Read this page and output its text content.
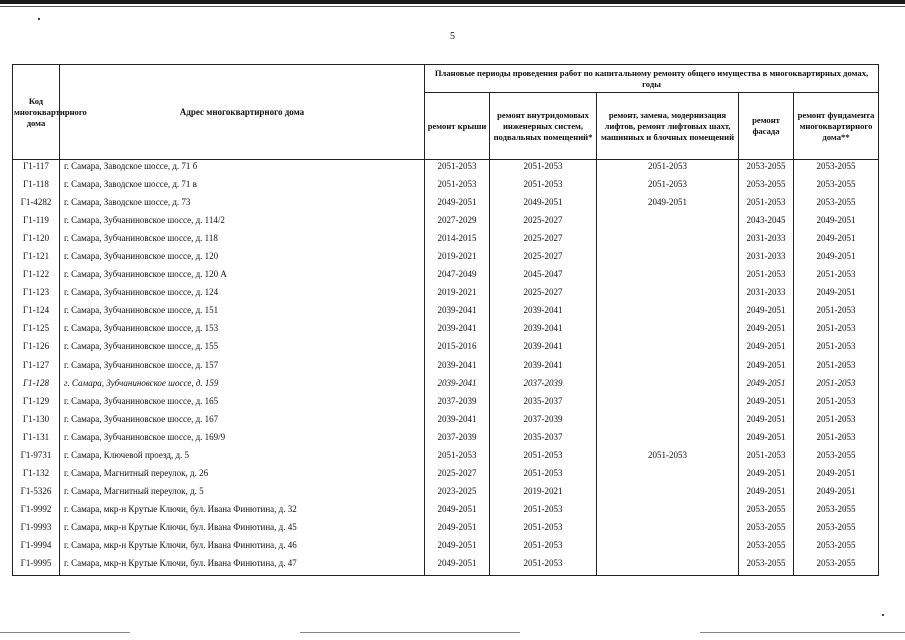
5
Код многоквартирного дома	Адрес многоквартирного дома	Плановые периоды проведения работ по капитальному ремонту общего имущества в многоквартирных домах, годы				
		ремонт крыши	ремонт внутридомовых инженерных систем, подвальных помещений*	ремонт, замена, модернизация лифтов, ремонт лифтовых шахт, машинных и блочных помещений	ремонт фасада	ремонт фундамента многоквартирного дома**
Г1-117	г. Самара, Заводское шоссе, д. 71 б	2051-2053	2051-2053	2051-2053	2053-2055	2053-2055
Г1-118	г. Самара, Заводское шоссе, д. 71 в	2051-2053	2051-2053	2051-2053	2053-2055	2053-2055
Г1-4282	г. Самара, Заводское шоссе, д. 73	2049-2051	2049-2051	2049-2051	2051-2053	2053-2055
Г1-119	г. Самара, Зубчаниновское шоссе, д. 114/2	2027-2029	2025-2027		2043-2045	2049-2051
Г1-120	г. Самара, Зубчаниновское шоссе, д. 118	2014-2015	2025-2027		2031-2033	2049-2051
Г1-121	г. Самара, Зубчаниновское шоссе, д. 120	2019-2021	2025-2027		2031-2033	2049-2051
Г1-122	г. Самара, Зубчаниновское шоссе, д. 120 А	2047-2049	2045-2047		2051-2053	2051-2053
Г1-123	г. Самара, Зубчаниновское шоссе, д. 124	2019-2021	2025-2027		2031-2033	2049-2051
Г1-124	г. Самара, Зубчаниновское шоссе, д. 151	2039-2041	2039-2041		2049-2051	2051-2053
Г1-125	г. Самара, Зубчаниновское шоссе, д. 153	2039-2041	2039-2041		2049-2051	2051-2053
Г1-126	г. Самара, Зубчаниновское шоссе, д. 155	2015-2016	2039-2041		2049-2051	2051-2053
Г1-127	г. Самара, Зубчаниновское шоссе, д. 157	2039-2041	2039-2041		2049-2051	2051-2053
Г1-128	г. Самара, Зубчаниновское шоссе, д. 159	2039-2041	2037-2039		2049-2051	2051-2053
Г1-129	г. Самара, Зубчаниновское шоссе, д. 165	2037-2039	2035-2037		2049-2051	2051-2053
Г1-130	г. Самара, Зубчаниновское шоссе, д. 167	2039-2041	2037-2039		2049-2051	2051-2053
Г1-131	г. Самара, Зубчаниновское шоссе, д. 169/9	2037-2039	2035-2037		2049-2051	2051-2053
Г1-9731	г. Самара, Ключевой проезд, д. 5	2051-2053	2051-2053	2051-2053	2051-2053	2053-2055
Г1-132	г. Самара, Магнитный переулок, д. 26	2025-2027	2051-2053		2049-2051	2049-2051
Г1-5326	г. Самара, Магнитный переулок, д. 5	2023-2025	2019-2021		2049-2051	2049-2051
Г1-9992	г. Самара, мкр-н Крутые Ключи, бул. Ивана Финютина, д. 32	2049-2051	2051-2053		2053-2055	2053-2055
Г1-9993	г. Самара, мкр-н Крутые Ключи, бул. Ивана Финютина, д. 45	2049-2051	2051-2053		2053-2055	2053-2055
Г1-9994	г. Самара, мкр-н Крутые Ключи, бул. Ивана Финютина, д. 46	2049-2051	2051-2053		2053-2055	2053-2055
Г1-9995	г. Самара, мкр-н Крутые Ключи, бул. Ивана Финютина, д. 47	2049-2051	2051-2053		2053-2055	2053-2055
